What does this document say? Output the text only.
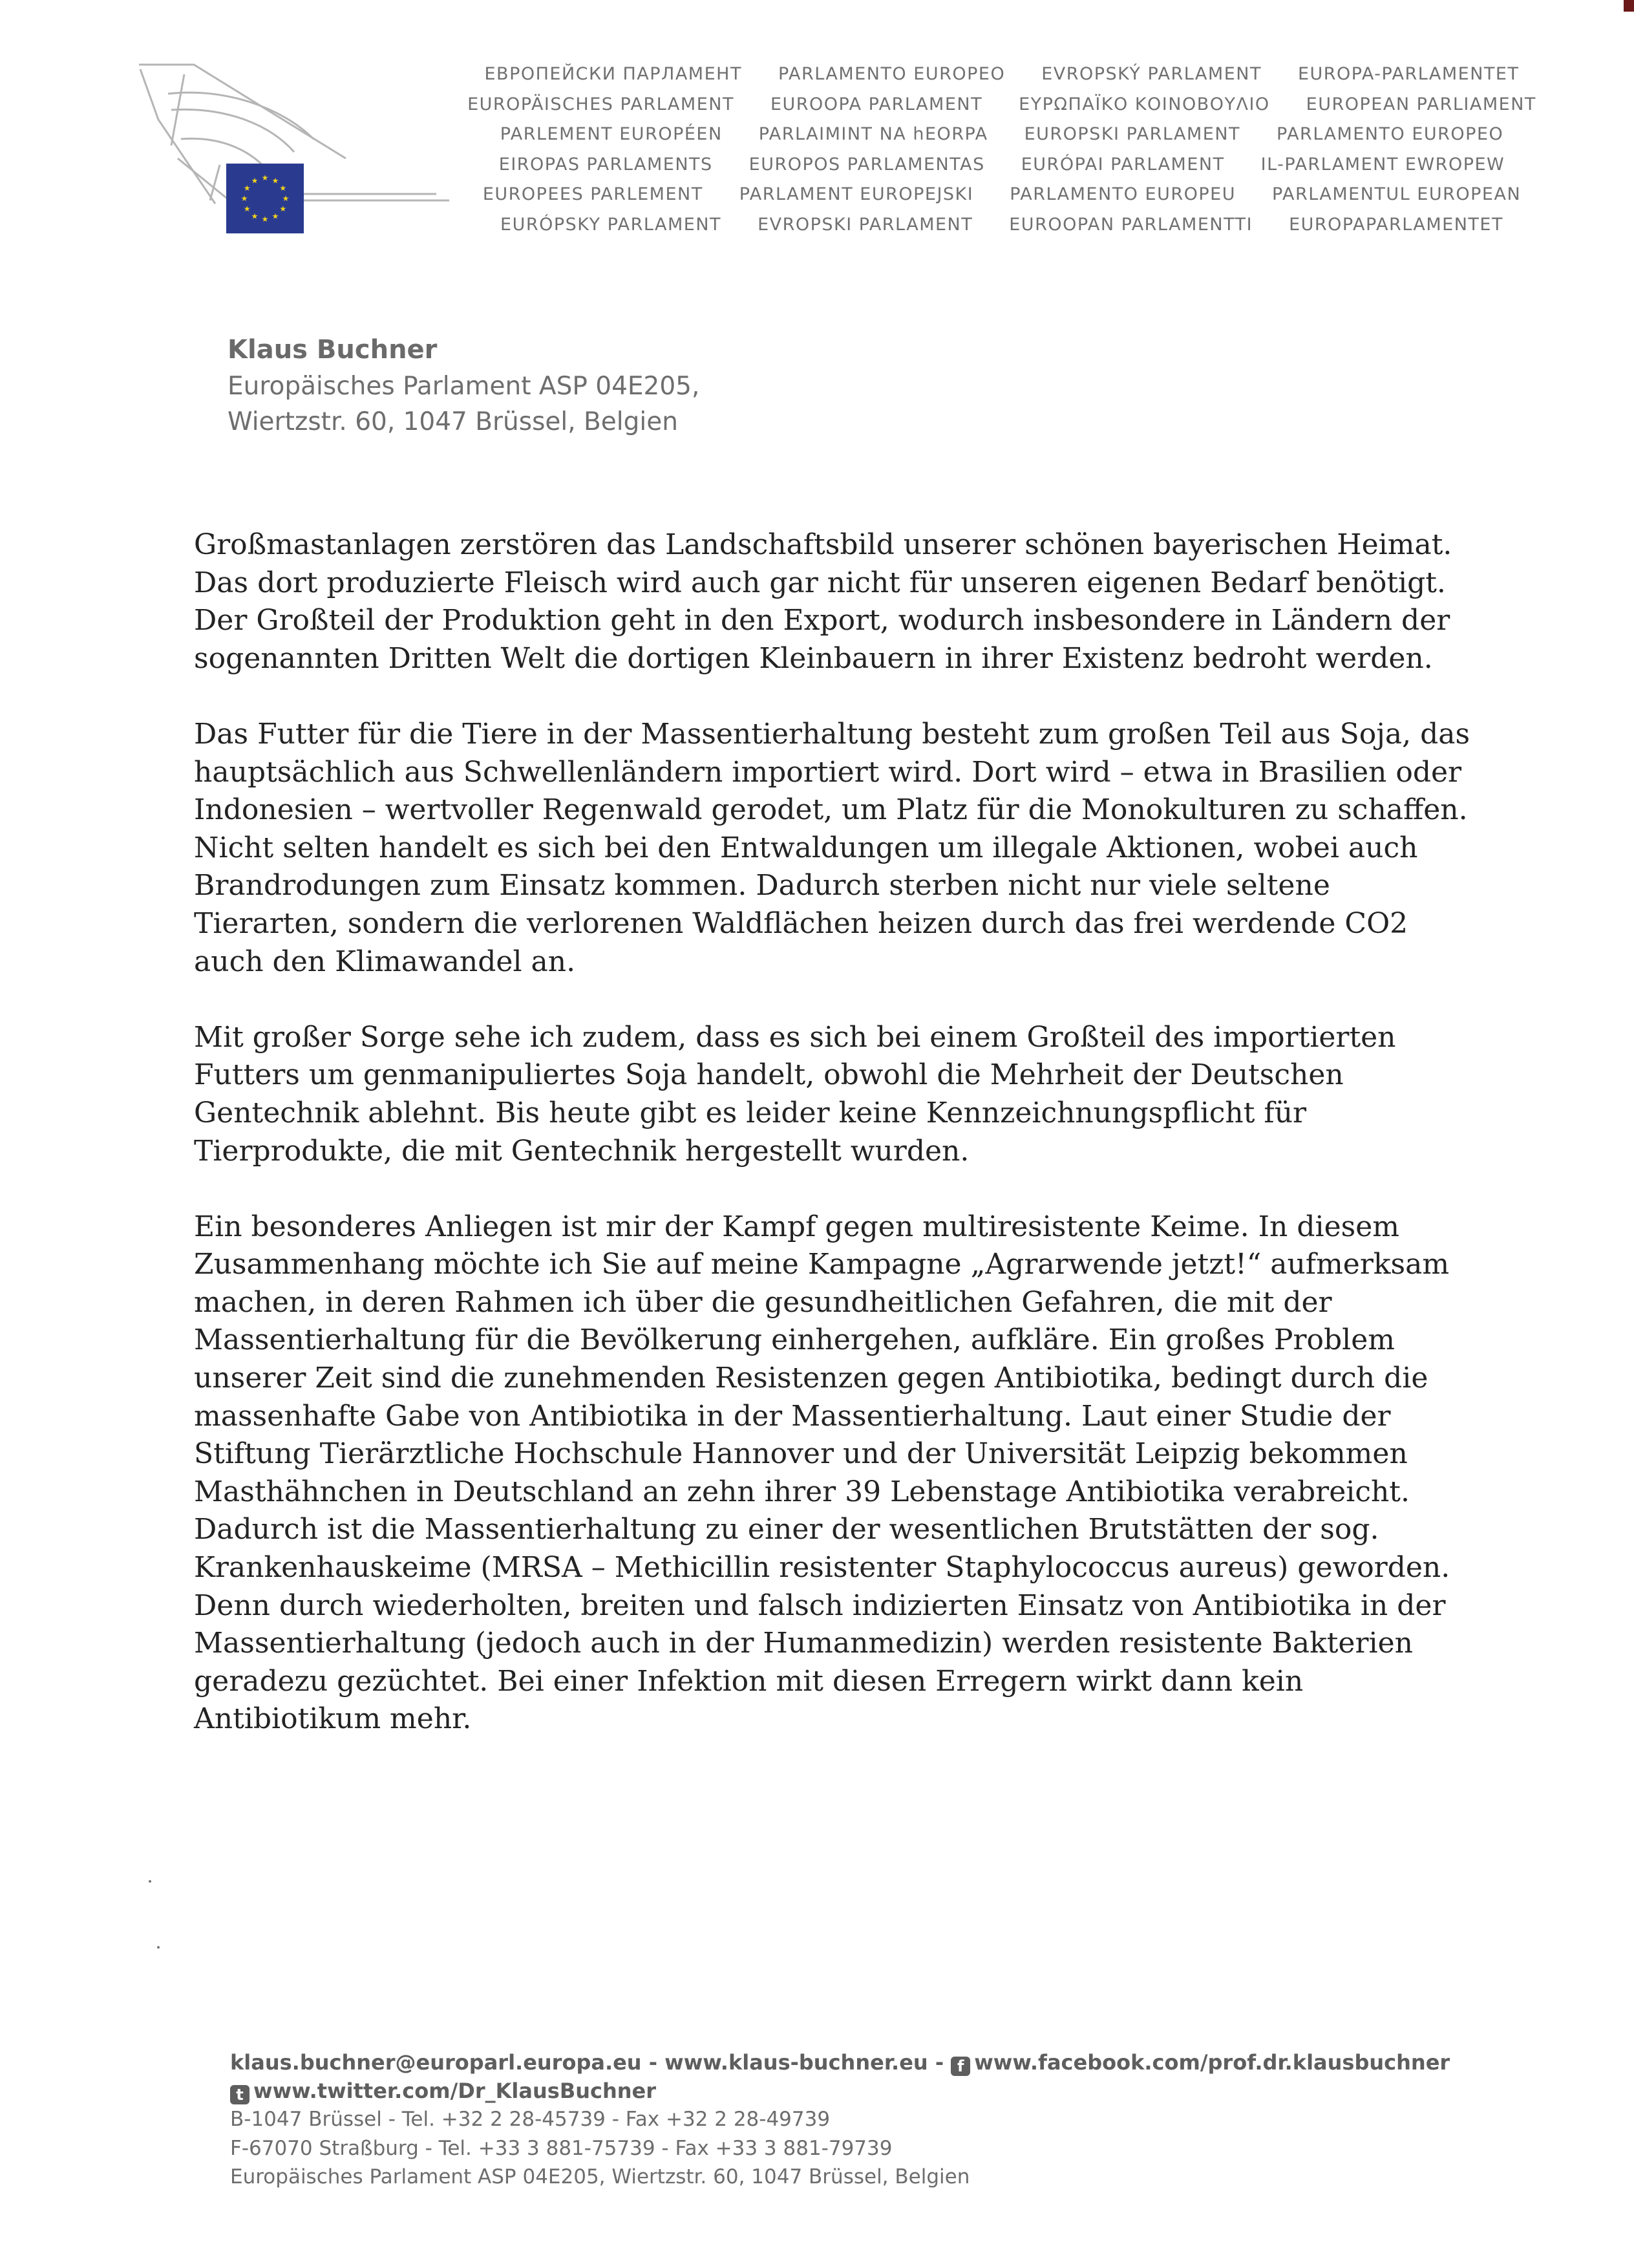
★ ★
★
★
★
★
★
★
★
★
★
★
ЕВРОПЕЙСКИ ПАРЛАМЕНТ PARLAMENTO EUROPEO EVROPSKÝ PARLAMENT EUROPA-PARLAMENTET
EUROPÄISCHES PARLAMENT EUROOPA PARLAMENT ΕΥΡΩΠΑΪΚΟ ΚΟΙΝΟΒΟΥΛΙΟ EUROPEAN PARLIAMENT
PARLEMENT EUROPÉEN PARLAIMINT NA hEORPA EUROPSKI PARLAMENT PARLAMENTO EUROPEO
EIROPAS PARLAMENTS EUROPOS PARLAMENTAS EURÓPAI PARLAMENT IL-PARLAMENT EWROPEW
EUROPEES PARLEMENT PARLAMENT EUROPEJSKI PARLAMENTO EUROPEU PARLAMENTUL EUROPEAN
EURÓPSKY PARLAMENT EVROPSKI PARLAMENT EUROOPAN PARLAMENTTI EUROPAPARLAMENTET
Klaus Buchner
Europäisches Parlament ASP 04E205,
Wiertzstr. 60, 1047 Brüssel, Belgien
Großmastanlagen zerstören das Landschaftsbild unserer schönen bayerischen Heimat.
Das dort produzierte Fleisch wird auch gar nicht für unseren eigenen Bedarf benötigt.
Der Großteil der Produktion geht in den Export, wodurch insbesondere in Ländern der
sogenannten Dritten Welt die dortigen Kleinbauern in ihrer Existenz bedroht werden.
Das Futter für die Tiere in der Massentierhaltung besteht zum großen Teil aus Soja, das
hauptsächlich aus Schwellenländern importiert wird. Dort wird – etwa in Brasilien oder
Indonesien – wertvoller Regenwald gerodet, um Platz für die Monokulturen zu schaffen.
Nicht selten handelt es sich bei den Entwaldungen um illegale Aktionen, wobei auch
Brandrodungen zum Einsatz kommen. Dadurch sterben nicht nur viele seltene
Tierarten, sondern die verlorenen Waldflächen heizen durch das frei werdende CO2
auch den Klimawandel an.
Mit großer Sorge sehe ich zudem, dass es sich bei einem Großteil des importierten
Futters um genmanipuliertes Soja handelt, obwohl die Mehrheit der Deutschen
Gentechnik ablehnt. Bis heute gibt es leider keine Kennzeichnungspflicht für
Tierprodukte, die mit Gentechnik hergestellt wurden.
Ein besonderes Anliegen ist mir der Kampf gegen multiresistente Keime. In diesem
Zusammenhang möchte ich Sie auf meine Kampagne „Agrarwende jetzt!“ aufmerksam
machen, in deren Rahmen ich über die gesundheitlichen Gefahren, die mit der
Massentierhaltung für die Bevölkerung einhergehen, aufkläre. Ein großes Problem
unserer Zeit sind die zunehmenden Resistenzen gegen Antibiotika, bedingt durch die
massenhafte Gabe von Antibiotika in der Massentierhaltung. Laut einer Studie der
Stiftung Tierärztliche Hochschule Hannover und der Universität Leipzig bekommen
Masthähnchen in Deutschland an zehn ihrer 39 Lebenstage Antibiotika verabreicht.
Dadurch ist die Massentierhaltung zu einer der wesentlichen Brutstätten der sog.
Krankenhauskeime (MRSA – Methicillin resistenter Staphylococcus aureus) geworden.
Denn durch wiederholten, breiten und falsch indizierten Einsatz von Antibiotika in der
Massentierhaltung (jedoch auch in der Humanmedizin) werden resistente Bakterien
geradezu gezüchtet. Bei einer Infektion mit diesen Erregern wirkt dann kein
Antibiotikum mehr.
klaus.buchner@europarl.europa.eu - www.klaus-buchner.eu - f www.facebook.com/prof.dr.klausbuchner
t www.twitter.com/Dr_KlausBuchner
B-1047 Brüssel - Tel. +32 2 28-45739 - Fax +32 2 28-49739
F-67070 Straßburg - Tel. +33 3 881-75739 - Fax +33 3 881-79739
Europäisches Parlament ASP 04E205, Wiertzstr. 60, 1047 Brüssel, Belgien
